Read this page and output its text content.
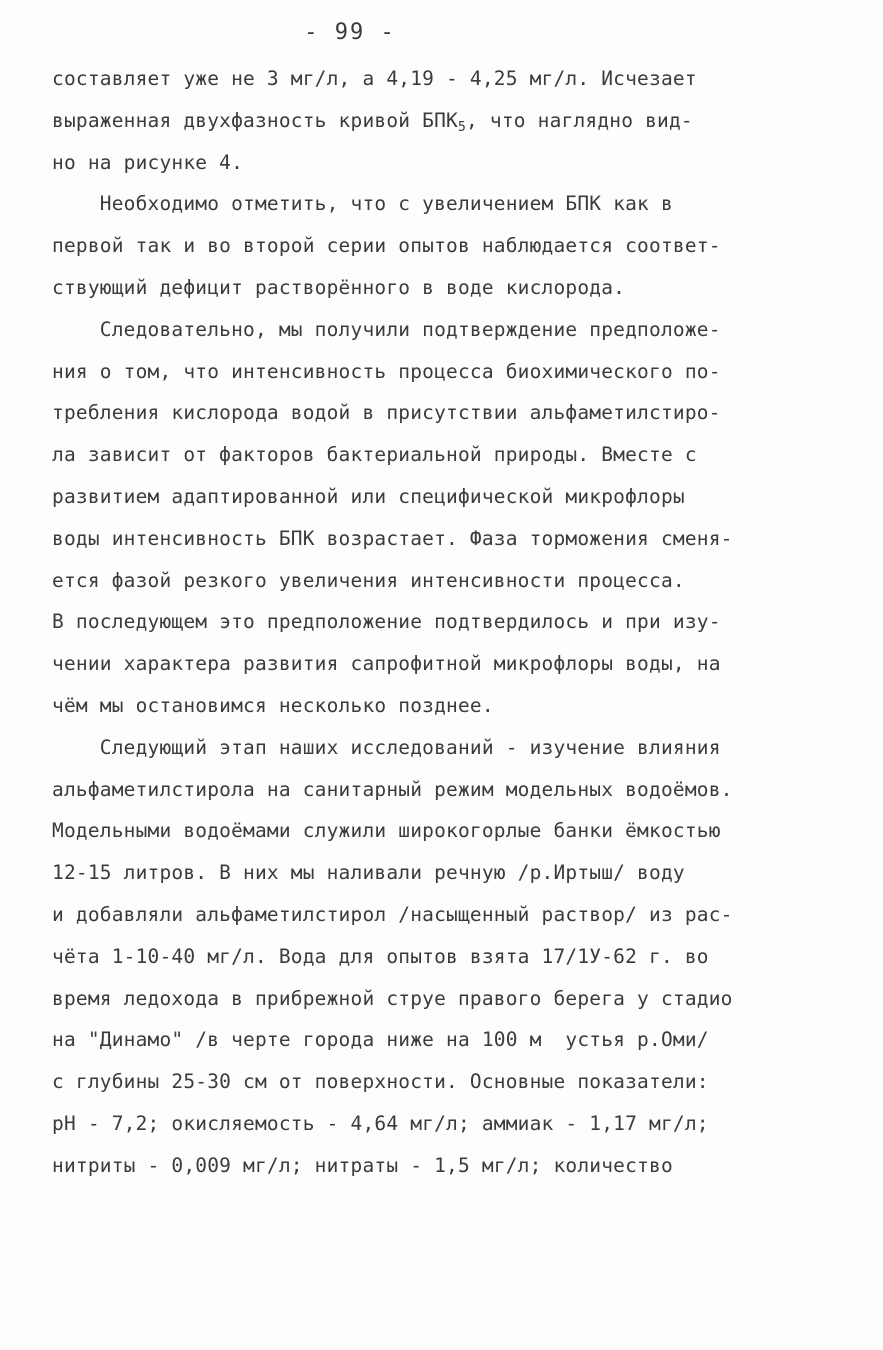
- 99 -
составляет уже не 3 мг/л, а 4,19 - 4,25 мг/л. Исчезает
выраженная двухфазность кривой $БПК_5$, что наглядно вид-
но на рисунке 4.
Необходимо отметить, что с увеличением БПК как в
первой так и во второй серии опытов наблюдается соответ-
ствующий дефицит растворённого в воде кислорода.
Следовательно, мы получили подтверждение предположе-
ния о том, что интенсивность процесса биохимического по-
требления кислорода водой в присутствии альфаметилстиро-
ла зависит от факторов бактериальной природы. Вместе с
развитием адаптированной или специфической микрофлоры
воды интенсивность БПК возрастает. Фаза торможения сменя-
ется фазой резкого увеличения интенсивности процесса.
В последующем это предположение подтвердилось и при изу-
чении характера развития сапрофитной микрофлоры воды, на
чём мы остановимся несколько позднее.
Следующий этап наших исследований - изучение влияния
альфаметилстирола на санитарный режим модельных водоёмов.
Модельными водоёмами служили широкогорлые банки ёмкостью
12-15 литров. В них мы наливали речную /р.Иртыш/ воду
и добавляли альфаметилстирол /насыщенный раствор/ из рас-
чёта 1-10-40 мг/л. Вода для опытов взята 17/1У-62 г. во
время ледохода в прибрежной струе правого берега у стадио
на "Динамо" /в черте города ниже на 100 м  устья р.Оми/
с глубины 25-30 см от поверхности. Основные показатели:
рН - 7,2; окисляемость - 4,64 мг/л; аммиак - 1,17 мг/л;
нитриты - 0,009 мг/л; нитраты - 1,5 мг/л; количество
